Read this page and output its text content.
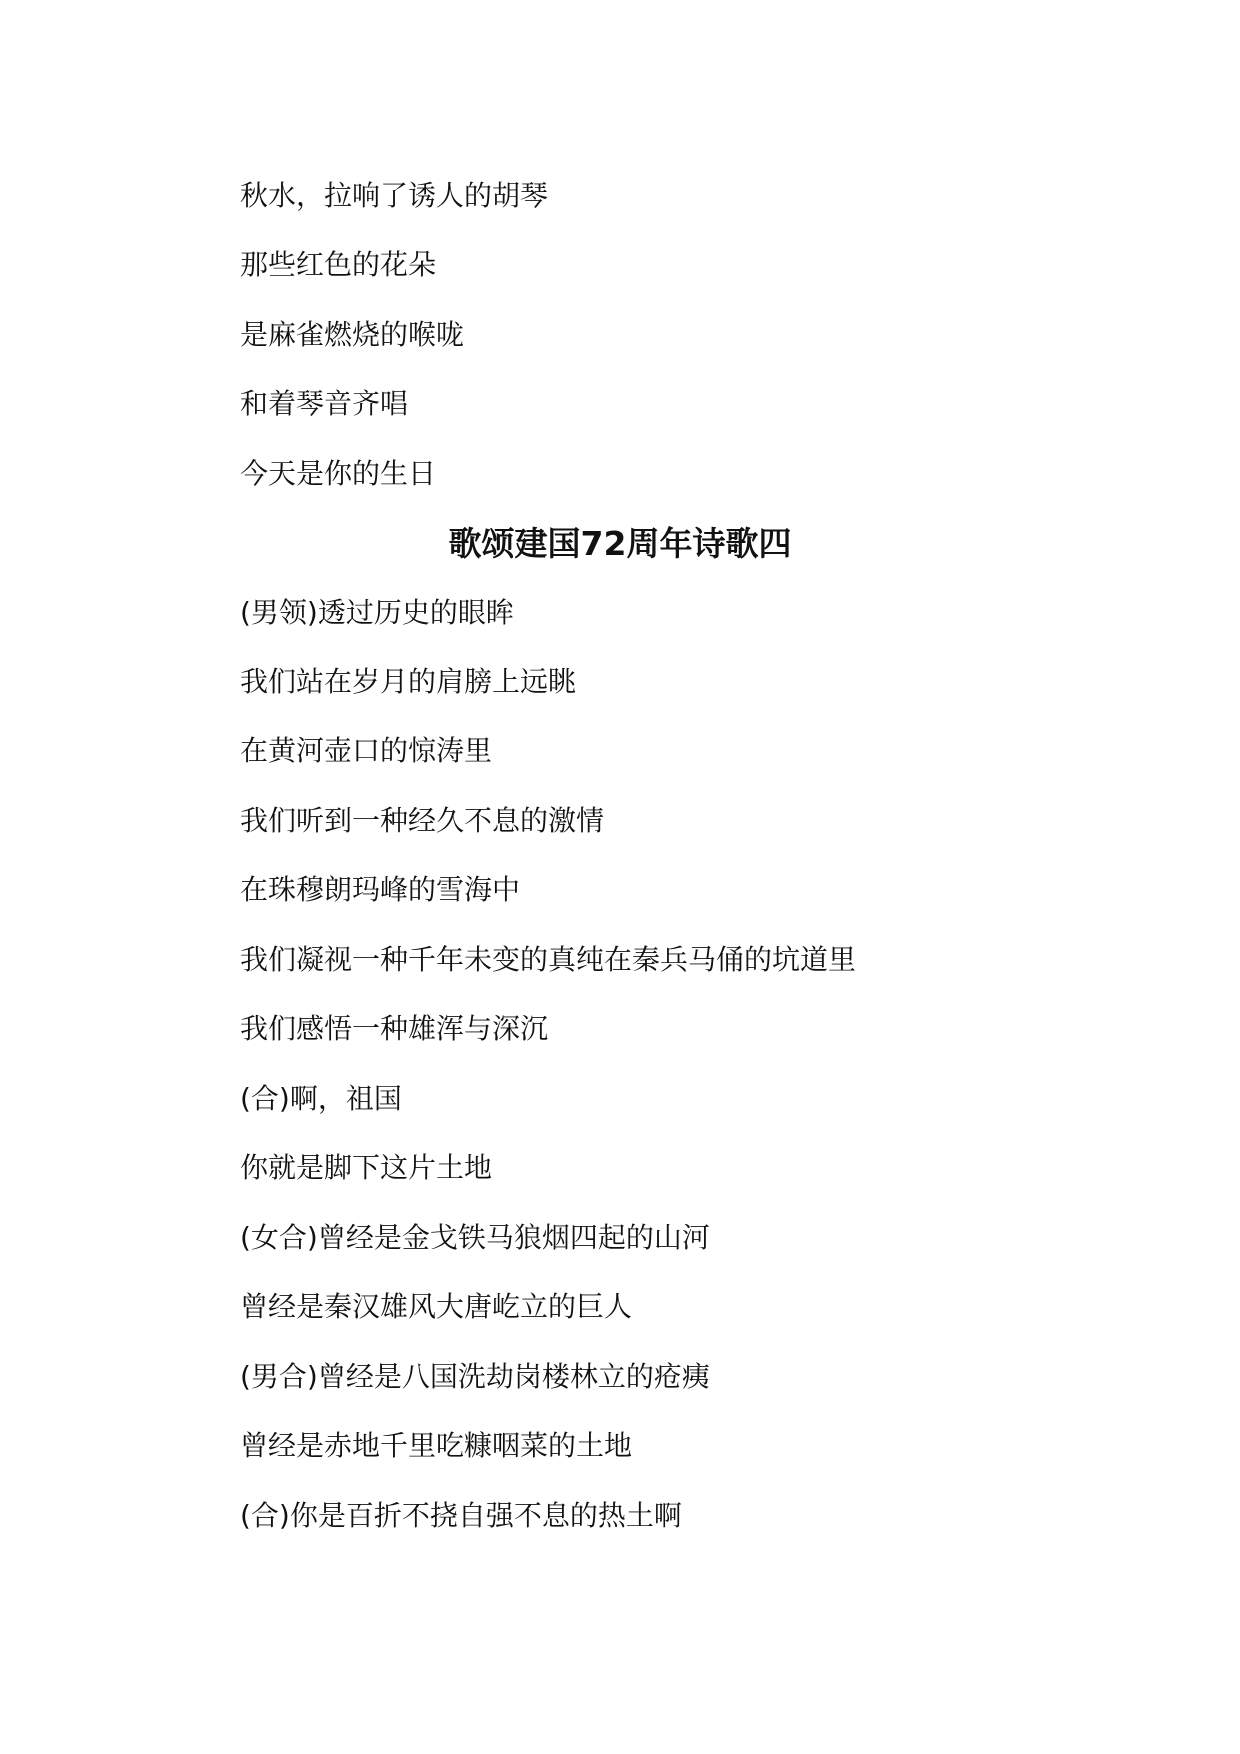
秋水，拉响了诱人的胡琴
那些红色的花朵
是麻雀燃烧的喉咙
和着琴音齐唱
今天是你的生日
歌颂建国72周年诗歌四
(男领)透过历史的眼眸
我们站在岁月的肩膀上远眺
在黄河壶口的惊涛里
我们听到一种经久不息的激情
在珠穆朗玛峰的雪海中
我们凝视一种千年未变的真纯在秦兵马俑的坑道里
我们感悟一种雄浑与深沉
(合)啊，祖国
你就是脚下这片土地
(女合)曾经是金戈铁马狼烟四起的山河
曾经是秦汉雄风大唐屹立的巨人
(男合)曾经是八国洗劫岗楼林立的疮痍
曾经是赤地千里吃糠咽菜的土地
(合)你是百折不挠自强不息的热土啊
